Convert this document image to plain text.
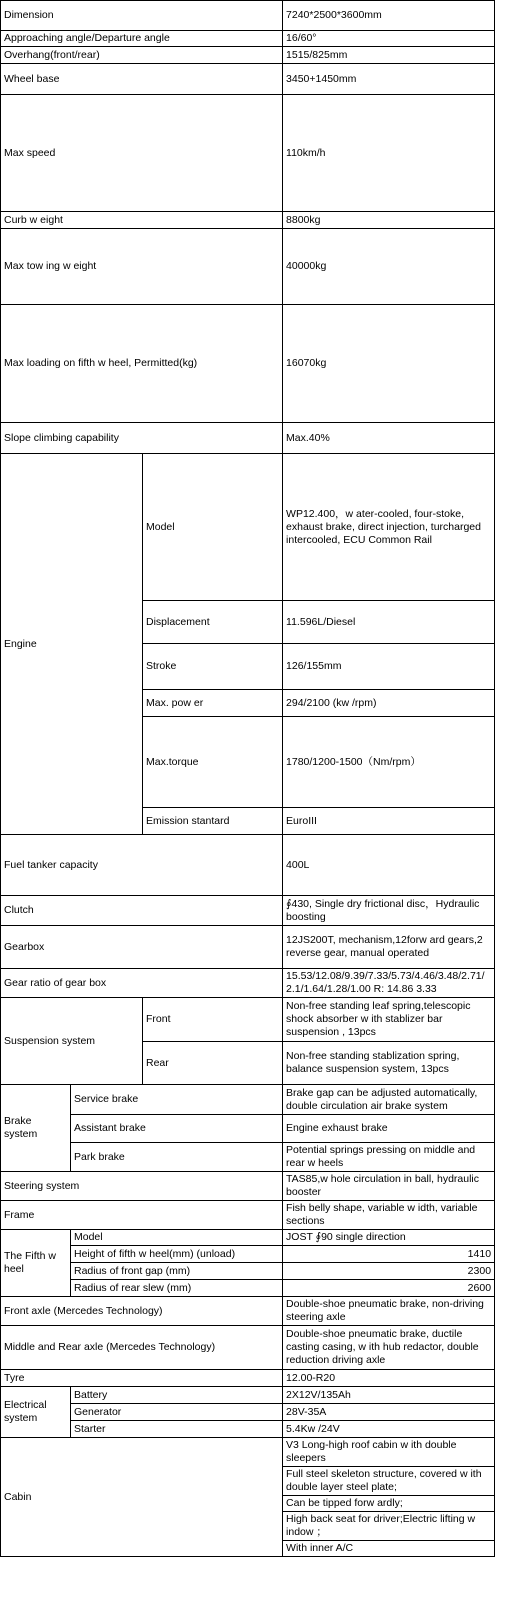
Dimension			7240*2500*3600mm
Approaching angle/Departure angle			16/60°
Overhang(front/rear)			1515/825mm
Wheel base			3450+1450mm
Max speed			110km/h
Curb w eight			8800kg
Max tow ing w eight			40000kg
Max loading on fifth w heel, Permitted(kg)			16070kg
Slope climbing capability			Max.40%
Engine		Model	WP12.400，w ater-cooled, four-stoke, exhaust brake, direct injection, turcharged intercooled, ECU Common Rail
		Displacement	11.596L/Diesel
		Stroke	126/155mm
		Max. pow er	294/2100 (kw /rpm)
		Max.torque	1780/1200-1500（Nm/rpm）
		Emission stantard	EuroIII
Fuel tanker capacity			400L
Clutch			∮430, Single dry frictional disc，Hydraulic boosting
Gearbox			12JS200T, mechanism,12forw ard gears,2 reverse gear, manual operated
Gear ratio of gear box			15.53/12.08/9.39/7.33/5.73/4.46/3.48/2.71/2.1/1.64/1.28/1.00 R: 14.86 3.33
Suspension system		Front	Non-free standing leaf spring,telescopic shock absorber w ith stablizer bar suspension , 13pcs
		Rear	Non-free standing stablization spring, balance suspension system, 13pcs
Brake system	Service brake		Brake gap can be adjusted automatically, double circulation air brake system
	Assistant brake		Engine exhaust brake
	Park brake		Potential springs pressing on middle and rear w heels
Steering system			TAS85,w hole circulation in ball, hydraulic booster
Frame			Fish belly shape, variable w idth, variable sections
The Fifth w heel	Model		JOST ∮90 single direction
	Height of fifth w heel(mm) (unload)		1410
	Radius of front gap (mm)		2300
	Radius of rear slew (mm)		2600
Front axle (Mercedes Technology)			Double-shoe pneumatic brake, non-driving steering axle
Middle and Rear axle (Mercedes Technology)			Double-shoe pneumatic brake, ductile casting casing, w ith hub redactor, double reduction driving axle
Tyre			12.00-R20
Electrical system	Battery		2X12V/135Ah
	Generator		28V-35A
	Starter		5.4Kw /24V
Cabin			V3 Long-high roof cabin w ith double sleepers
			Full steel skeleton structure, covered w ith double layer steel plate;
			Can be tipped forw ardly;
			High back seat for driver;Electric lifting w indow ；
			With inner A/C
